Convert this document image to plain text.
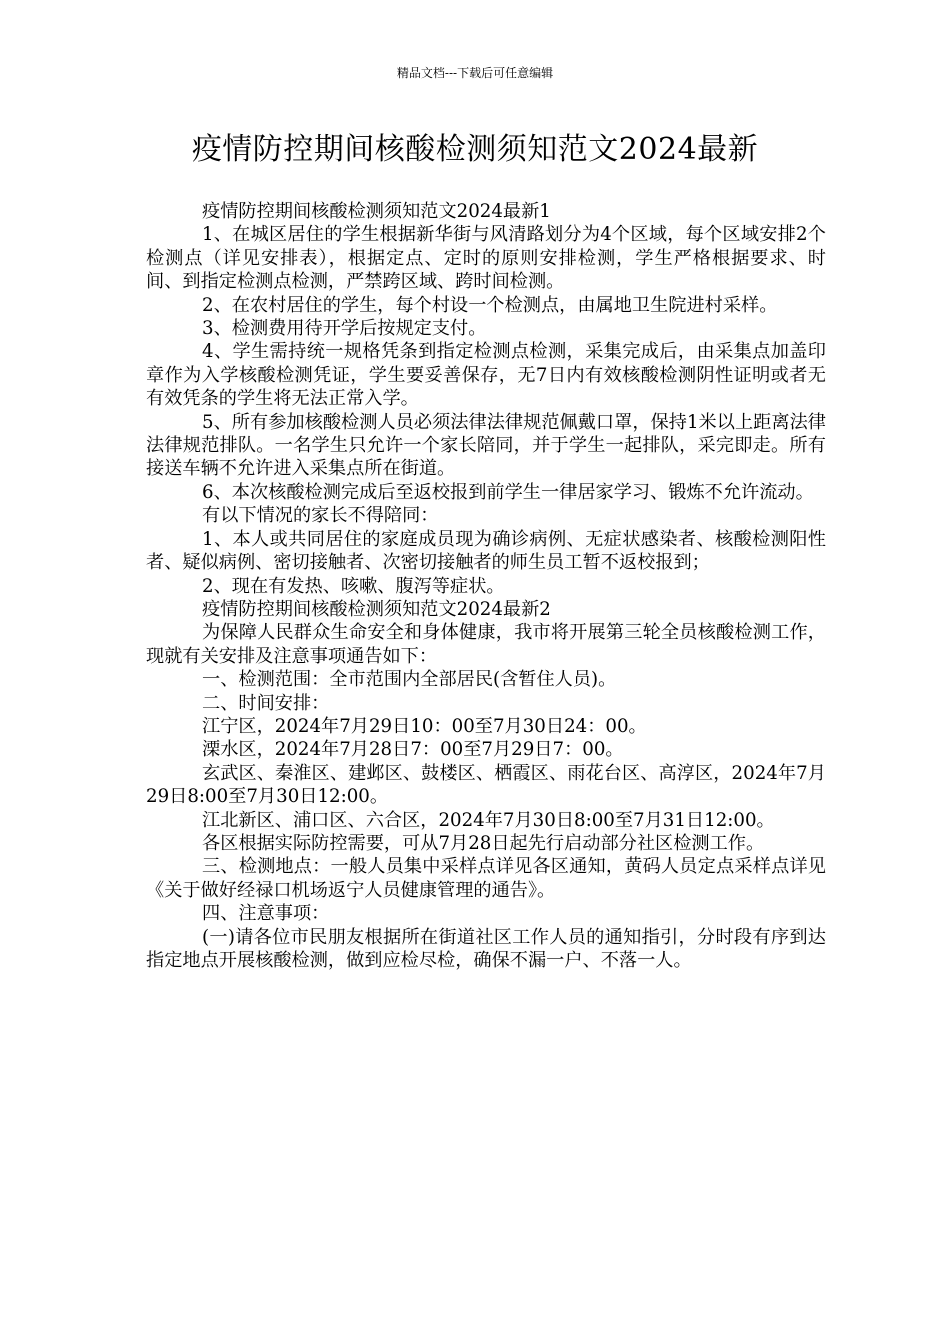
精品文档---下载后可任意编辑
疫情防控期间核酸检测须知范文2024最新

疫情防控期间核酸检测须知范文2024最新1

1、在城区居住的学生根据新华街与风清路划分为4个区域，每个区域安排2个检测点（详见安排表），根据定点、定时的原则安排检测，学生严格根据要求、时间、到指定检测点检测，严禁跨区域、跨时间检测。

2、在农村居住的学生，每个村设一个检测点，由属地卫生院进村采样。

3、检测费用待开学后按规定支付。

4、学生需持统一规格凭条到指定检测点检测，采集完成后，由采集点加盖印章作为入学核酸检测凭证，学生要妥善保存，无7日内有效核酸检测阴性证明或者无有效凭条的学生将无法正常入学。

5、所有参加核酸检测人员必须法律法律规范佩戴口罩，保持1米以上距离法律法律规范排队。一名学生只允许一个家长陪同，并于学生一起排队，采完即走。所有接送车辆不允许进入采集点所在街道。

6、本次核酸检测完成后至返校报到前学生一律居家学习、锻炼不允许流动。

有以下情况的家长不得陪同：

1、本人或共同居住的家庭成员现为确诊病例、无症状感染者、核酸检测阳性者、疑似病例、密切接触者、次密切接触者的师生员工暂不返校报到；

2、现在有发热、咳嗽、腹泻等症状。

疫情防控期间核酸检测须知范文2024最新2

为保障人民群众生命安全和身体健康，我市将开展第三轮全员核酸检测工作，现就有关安排及注意事项通告如下：

一、检测范围：全市范围内全部居民(含暂住人员)。

二、时间安排：

江宁区，2024年7月29日10：00至7月30日24：00。

溧水区，2024年7月28日7：00至7月29日7：00。

玄武区、秦淮区、建邺区、鼓楼区、栖霞区、雨花台区、高淳区，2024年7月29日8:00至7月30日12:00。

江北新区、浦口区、六合区，2024年7月30日8:00至7月31日12:00。

各区根据实际防控需要，可从7月28日起先行启动部分社区检测工作。

三、检测地点：一般人员集中采样点详见各区通知，黄码人员定点采样点详见《关于做好经禄口机场返宁人员健康管理的通告》。

四、注意事项：

(一)请各位市民朋友根据所在街道社区工作人员的通知指引，分时段有序到达指定地点开展核酸检测，做到应检尽检，确保不漏一户、不落一人。
